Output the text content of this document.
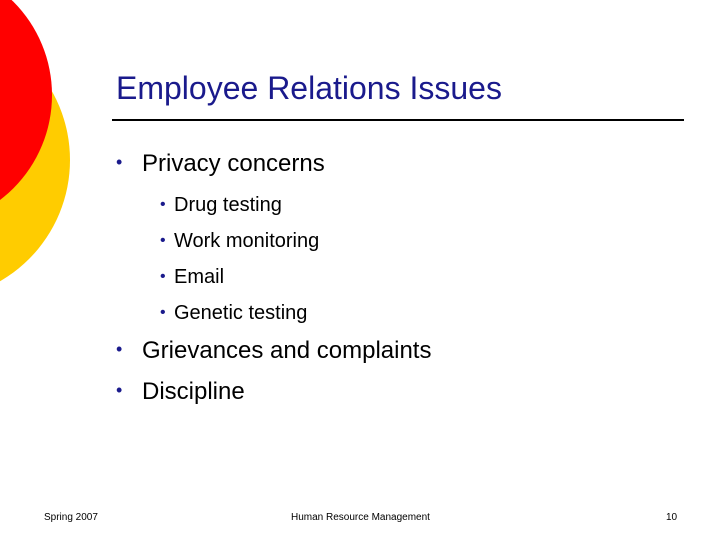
Employee Relations Issues
• Privacy concerns
• Drug testing
• Work monitoring
• Email
• Genetic testing
• Grievances and complaints
• Discipline
Spring 2007	Human Resource Management	10
